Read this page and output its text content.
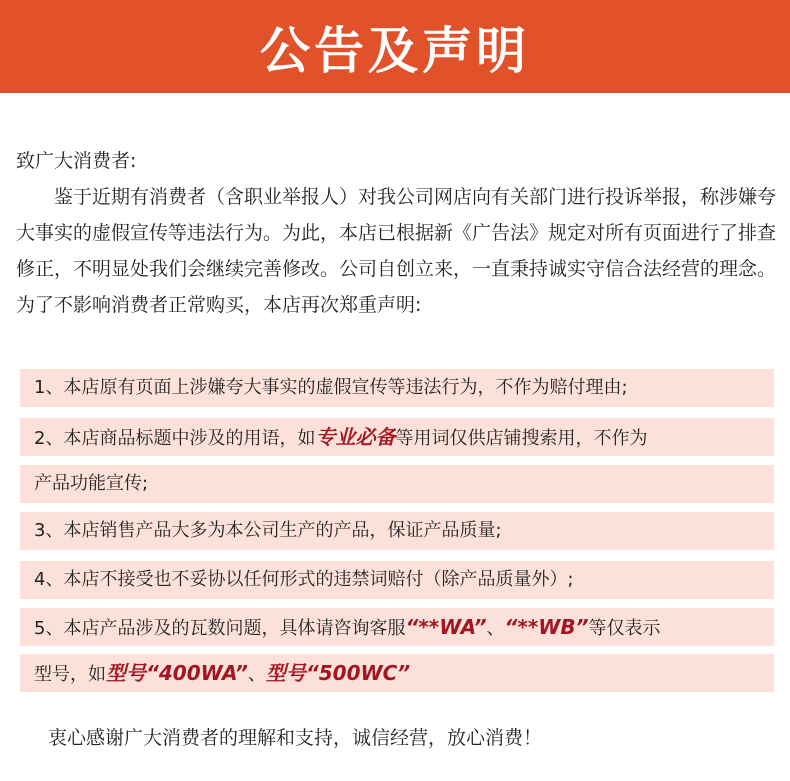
公告及声明

致广大消费者:

鉴于近期有消费者（含职业举报人）对我公司网店向有关部门进行投诉举报，称涉嫌夸大事实的虚假宣传等违法行为。为此，本店已根据新《广告法》规定对所有页面进行了排查修正，不明显处我们会继续完善修改。公司自创立来，一直秉持诚实守信合法经营的理念。为了不影响消费者正常购买，本店再次郑重声明:

1、本店原有页面上涉嫌夸大事实的虚假宣传等违法行为，不作为赔付理由;
2、本店商品标题中涉及的用语，如专业必备等用词仅供店铺搜索用，不作为
产品功能宣传;
3、本店销售产品大多为本公司生产的产品，保证产品质量;
4、本店不接受也不妥协以任何形式的违禁词赔付（除产品质量外）;
5、本店产品涉及的瓦数问题，具体请咨询客服“**WA”、“**WB”等仅表示
型号，如型号“400WA”、型号“500WC”
衷心感谢广大消费者的理解和支持，诚信经营，放心消费！
